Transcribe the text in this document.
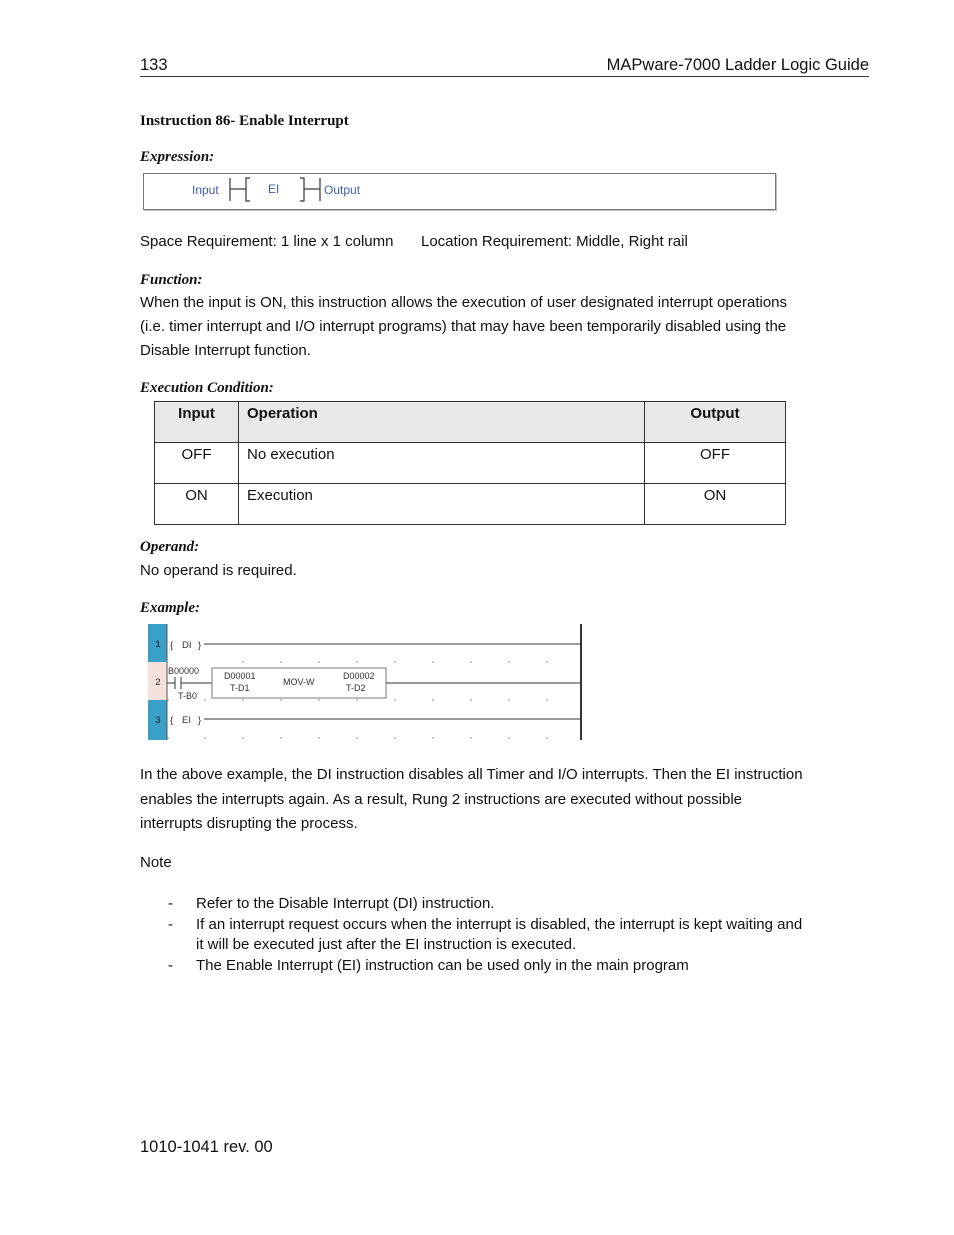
133	MAPware-7000 Ladder Logic Guide
Instruction 86- Enable Interrupt
Expression:
Input	EI	Output
Space Requirement: 1 line x 1 column Location Requirement: Middle, Right rail
Function:
When the input is ON, this instruction allows the execution of user designated interrupt operations (i.e. timer interrupt and I/O interrupt programs) that may have been temporarily disabled using the Disable Interrupt function.
Execution Condition:
Input	Operation	Output
OFF	No execution	OFF
ON	Execution	ON
Operand:
No operand is required.
Example:
1
2
3
{ DI }
B00000
T-B0
D00001
T-D1
MOV-W
D00002
T-D2
{ EI }
In the above example, the DI instruction disables all Timer and I/O interrupts. Then the EI instruction enables the interrupts again. As a result, Rung 2 instructions are executed without possible interrupts disrupting the process.
Note
- Refer to the Disable Interrupt (DI) instruction.
- If an interrupt request occurs when the interrupt is disabled, the interrupt is kept waiting and it will be executed just after the EI instruction is executed.
- The Enable Interrupt (EI) instruction can be used only in the main program
1010-1041 rev. 00
